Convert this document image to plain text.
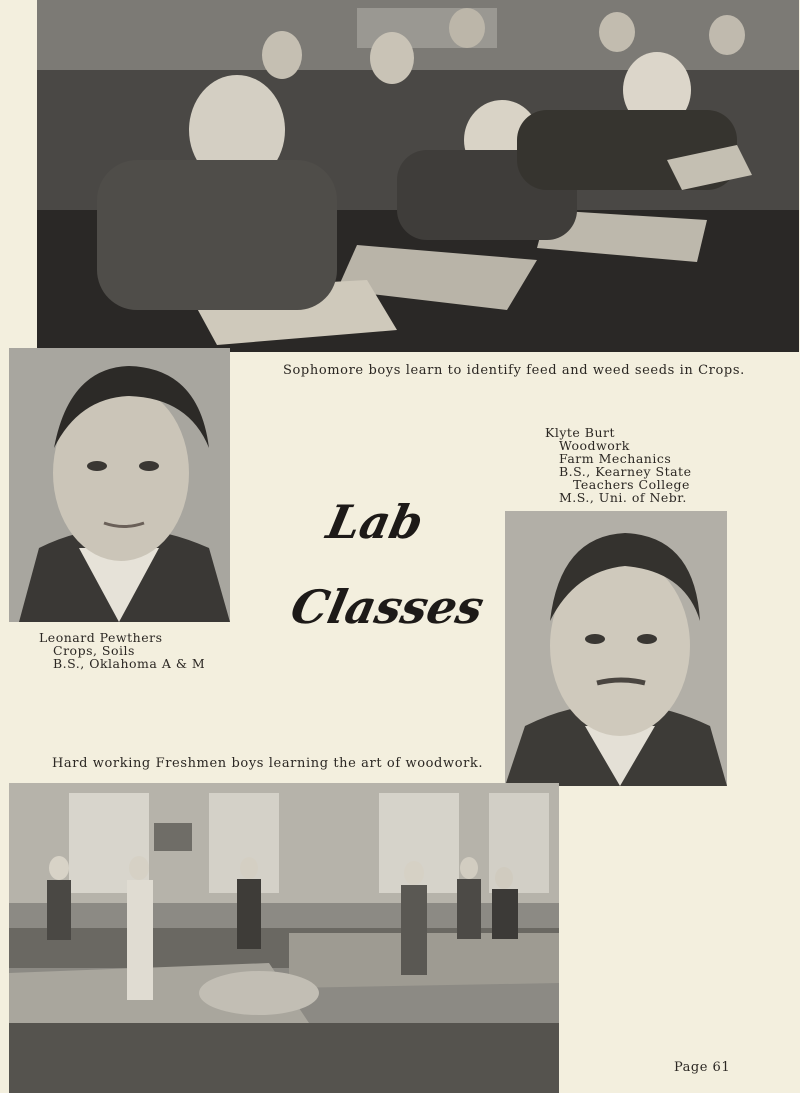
Sophomore boys learn to identify feed and weed seeds in Crops.
Leonard Pewthers
Crops, Soils
B.S., Oklahoma A & M
Klyte Burt
Woodwork
Farm Mechanics
B.S., Kearney State
Teachers College
M.S., Uni. of Nebr.
Lab
Classes
Hard working Freshmen boys learning the art of woodwork.
Page 61
